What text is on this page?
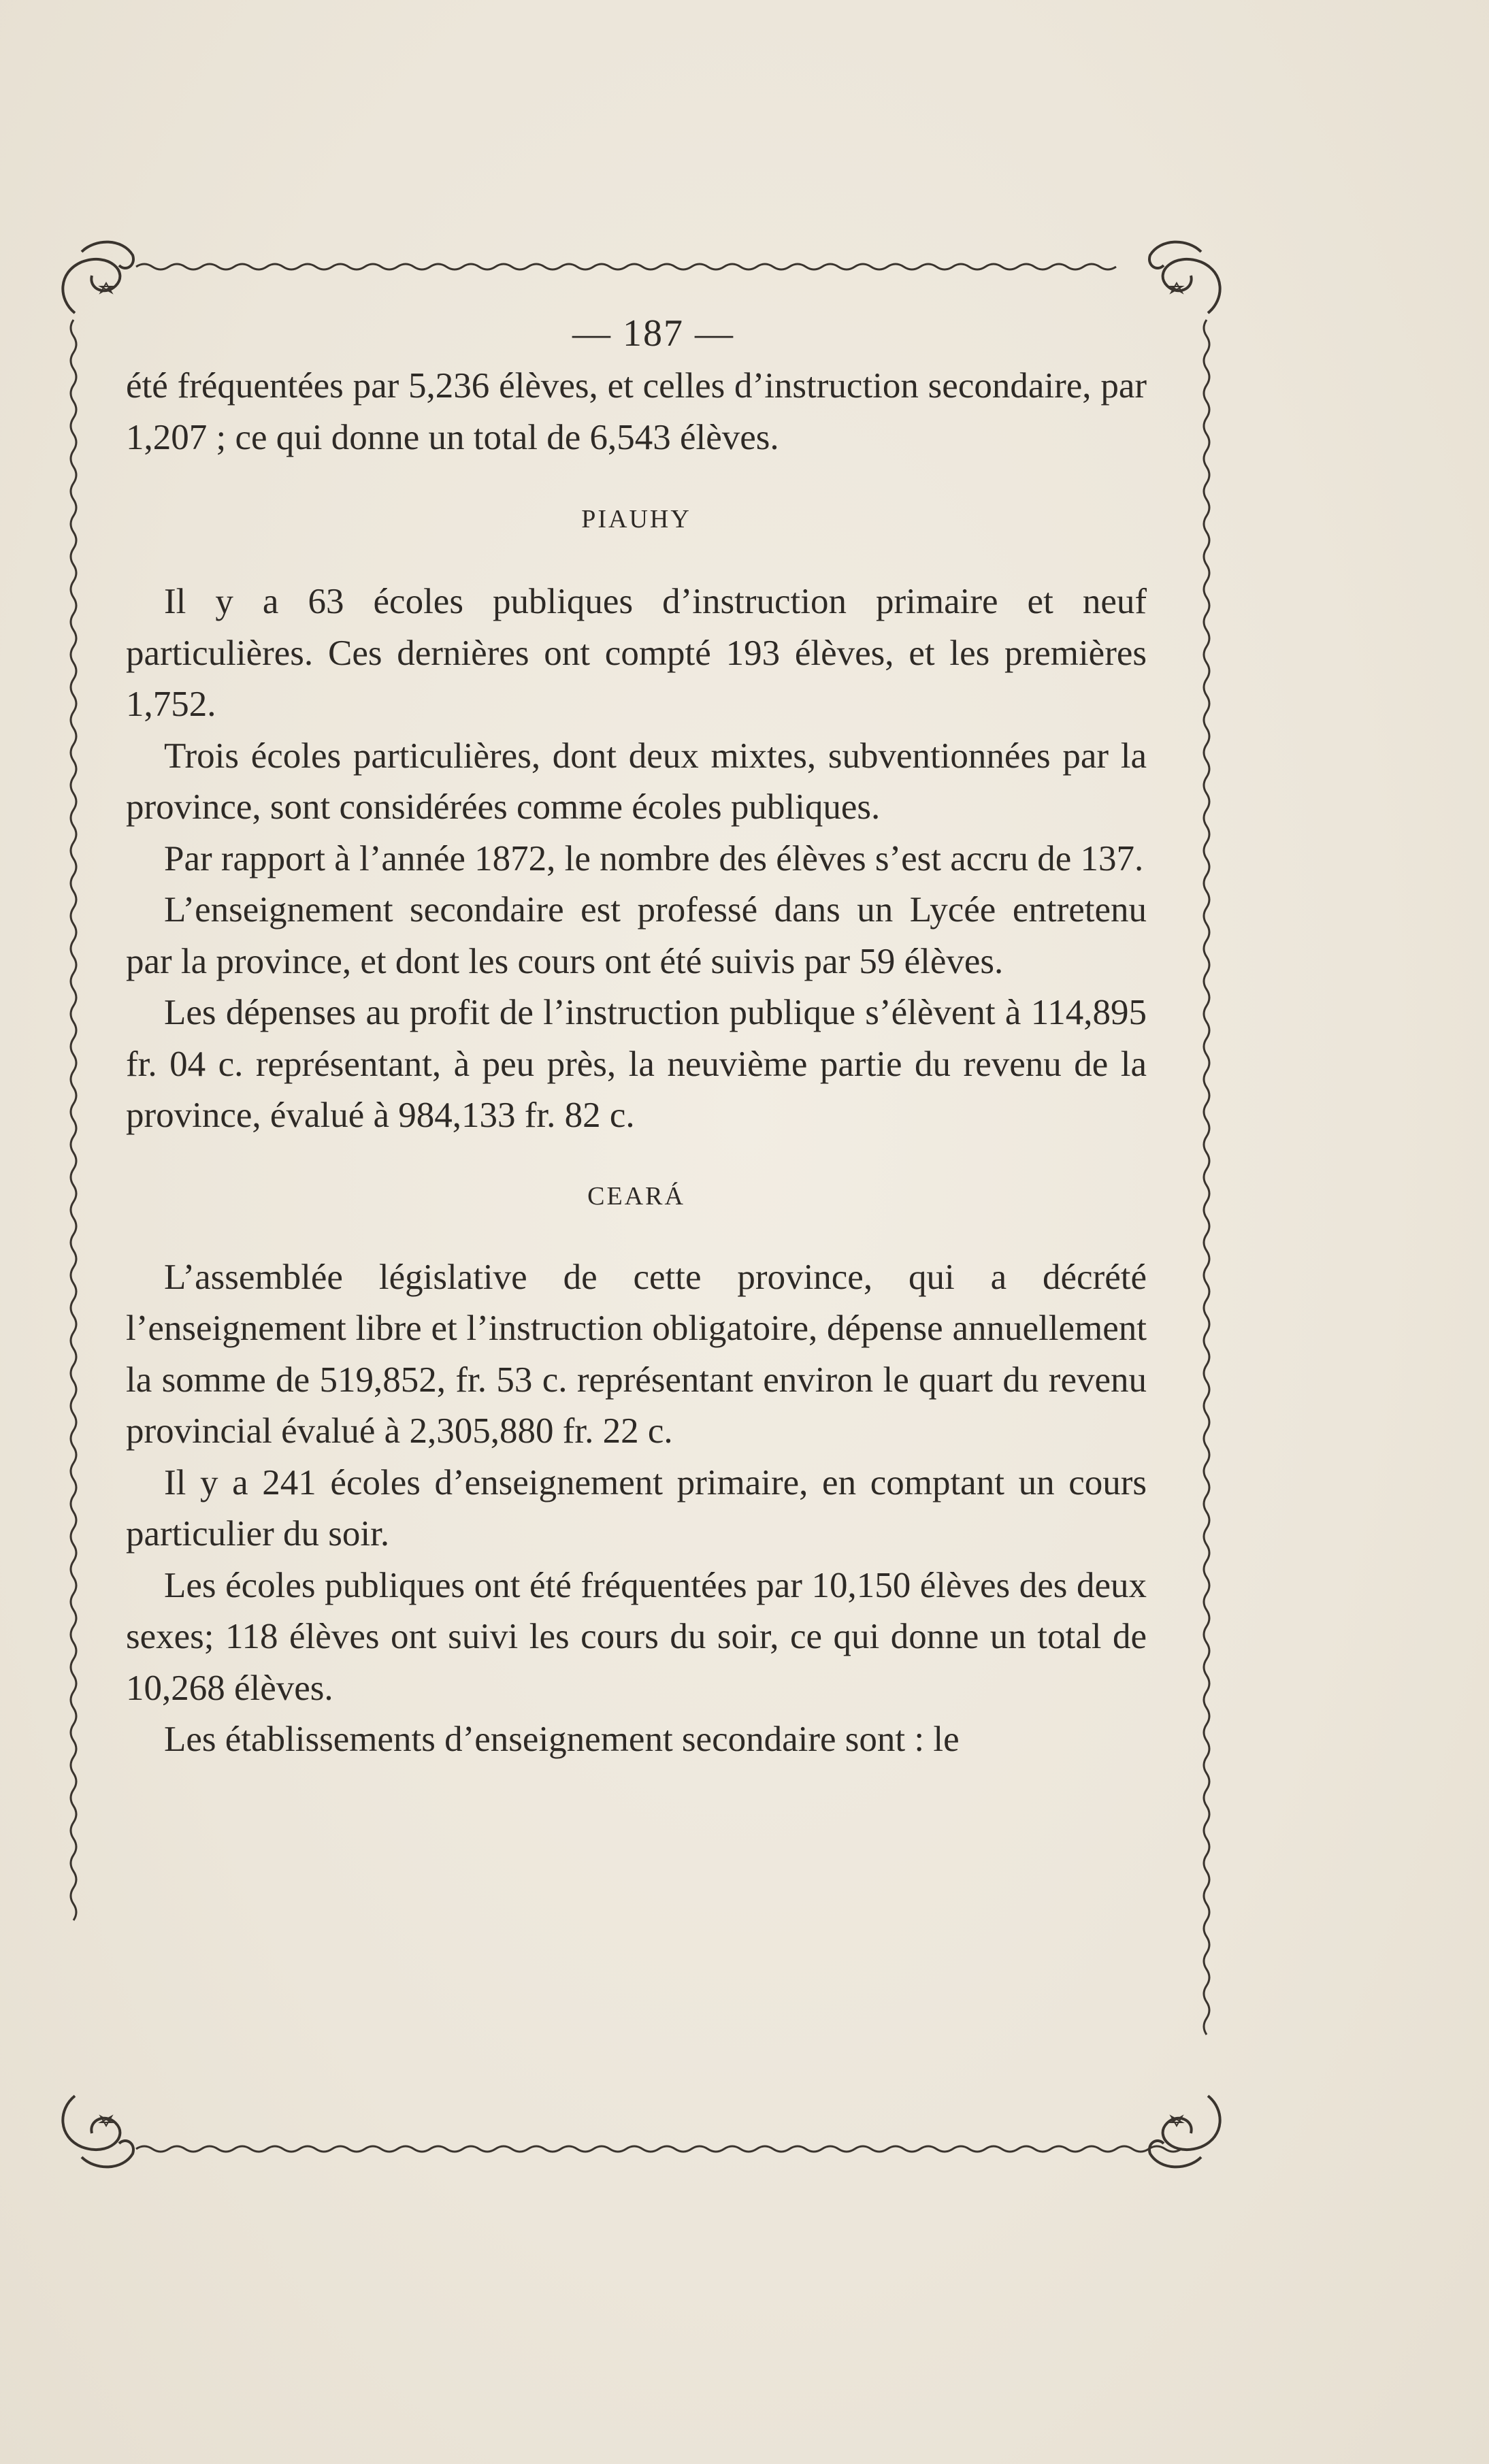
— 187 —

été fréquentées par 5,236 élèves, et celles d’instruction secondaire, par 1,207 ; ce qui donne un total de 6,543 élèves.

PIAUHY

Il y a 63 écoles publiques d’instruction primaire et neuf particulières. Ces dernières ont compté 193 élèves, et les premières 1,752.

Trois écoles particulières, dont deux mixtes, subventionnées par la province, sont considérées comme écoles publiques.

Par rapport à l’année 1872, le nombre des élèves s’est accru de 137.

L’enseignement secondaire est professé dans un Lycée entretenu par la province, et dont les cours ont été suivis par 59 élèves.

Les dépenses au profit de l’instruction publique s’élèvent à 114,895 fr. 04 c. représentant, à peu près, la neuvième partie du revenu de la province, évalué à 984,133 fr. 82 c.

CEARÁ

L’assemblée législative de cette province, qui a décrété l’enseignement libre et l’instruction obligatoire, dépense annuellement la somme de 519,852, fr. 53 c. représentant environ le quart du revenu provincial évalué à 2,305,880 fr. 22 c.

Il y a 241 écoles d’enseignement primaire, en comptant un cours particulier du soir.

Les écoles publiques ont été fréquentées par 10,150 élèves des deux sexes; 118 élèves ont suivi les cours du soir, ce qui donne un total de 10,268 élèves.

Les établissements d’enseignement secondaire sont : le
